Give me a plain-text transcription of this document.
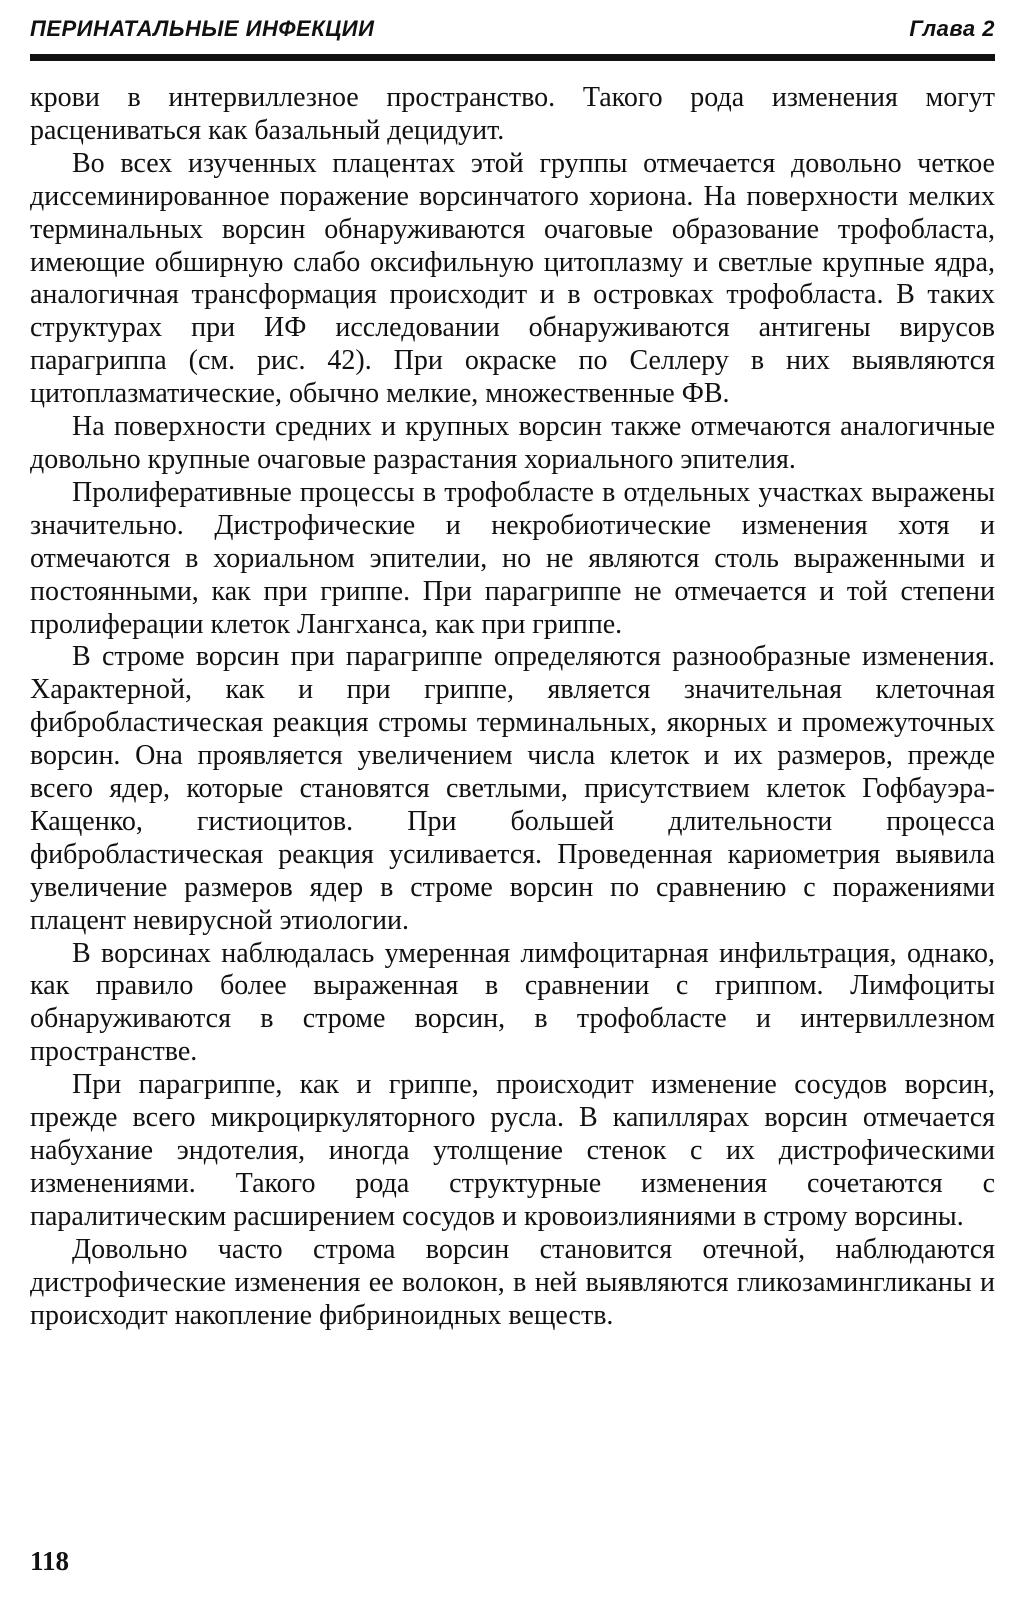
ПЕРИНАТАЛЬНЫЕ ИНФЕКЦИИ	Глава 2

крови в интервиллезное пространство. Такого рода изменения могут расцениваться как базальный децидуит.

Во всех изученных плацентах этой группы отмечается довольно четкое диссеминированное поражение ворсинчатого хориона. На поверхности мелких терминальных ворсин обнаруживаются очаговые образование трофобласта, имеющие обширную слабо оксифильную цитоплазму и светлые крупные ядра, аналогичная трансформация происходит и в островках трофобласта. В таких структурах при ИФ исследовании обнаруживаются антигены вирусов парагриппа (см. рис. 42). При окраске по Селлеру в них выявляются цитоплазматические, обычно мелкие, множественные ФВ.

На поверхности средних и крупных ворсин также отмечаются аналогичные довольно крупные очаговые разрастания хориального эпителия.

Пролиферативные процессы в трофобласте в отдельных участках выражены значительно. Дистрофические и некробиотические изменения хотя и отмечаются в хориальном эпителии, но не являются столь выраженными и постоянными, как при гриппе. При парагриппе не отмечается и той степени пролиферации клеток Лангханса, как при гриппе.

В строме ворсин при парагриппе определяются разнообразные изменения. Характерной, как и при гриппе, является значительная клеточная фибробластическая реакция стромы терминальных, якорных и промежуточных ворсин. Она проявляется увеличением числа клеток и их размеров, прежде всего ядер, которые становятся светлыми, присутствием клеток Гофбауэра-Кащенко, гистиоцитов. При большей длительности процесса фибробластическая реакция усиливается. Проведенная кариометрия выявила увеличение размеров ядер в строме ворсин по сравнению с поражениями плацент невирусной этиологии.

В ворсинах наблюдалась умеренная лимфоцитарная инфильтрация, однако, как правило более выраженная в сравнении с гриппом. Лимфоциты обнаруживаются в строме ворсин, в трофобласте и интервиллезном пространстве.

При парагриппе, как и гриппе, происходит изменение сосудов ворсин, прежде всего микроциркуляторного русла. В капиллярах ворсин отмечается набухание эндотелия, иногда утолщение стенок с их дистрофическими изменениями. Такого рода структурные изменения сочетаются с паралитическим расширением сосудов и кровоизлияниями в строму ворсины.

Довольно часто строма ворсин становится отечной, наблюдаются дистрофические изменения ее волокон, в ней выявляются гликозамингликаны и происходит накопление фибриноидных веществ.

118
